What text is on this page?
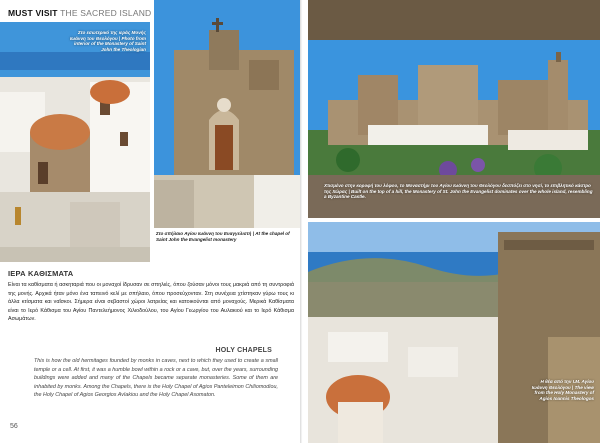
MUST VISIT THE SACRED ISLAND
Στο εσωτερικό της ιεράς Μονής Ιωάννη του Θεολόγου | Photo from interior of the Monastery of Saint John the Theologian
Στο σπήλαιο Αγίου Ιωάννη του Ευαγγελιστή | At the chapel of Saint John the Evangelist monastery
ΙΕΡΑ ΚΑΘΙΣΜΑΤΑ
Είναι τα καθίσματα ή ασκηταριά που οι μοναχοί ίδρυσαν σε σπηλιές, όπου ζούσαν μόνοι τους μακριά από τη συντροφιά της μονής. Αρχικά ήταν μόνο ένα ταπεινό κελί με σπήλαιο, όπου προσεύχονταν. Στη συνέχεια χτίστηκαν γύρω τους κι άλλα κτίσματα και ναΐσκοι. Σήμερα είναι σεβαστοί χώροι λατρείας και κατοικούνται από μοναχούς. Μερικά Καθίσματα είναι το Ιερό Κάθισμα του Αγίου Παντελεήμονος Χιλιοδούλου, του Αγίου Γεωργίου του Αυλακιού και το Ιερό Κάθισμα Ασωμάτων.
HOLY CHAPELS
This is how the old hermitages founded by monks in caves, next to which they used to create a small temple or a cell. At first, it was a humble bowl within a rock or a cave, but, over the years, surrounding buildings were added and many of the Chapels became separate monasteries. Some of them are inhabited by monks. Among the Chapels, there is the Holy Chapel of Agios Panteleimon Chiliomodiou, the Holy Chapel of Agios Georgios Avlakiou and the Holy Chapel Asomaton.
56
Χτισμένο στην κορυφή του λόφου, το Μοναστήρι του Αγίου Ιωάννη του Θεολόγου δεσπόζει στο νησί, το επιβλητικό κάστρο της Χώρας | Built on the top of a hill, the Monastery of St. John the Evangelist dominates over the whole island, resembling a Byzantine Castle.
Η θέα από την Ι.Μ. Αγίου Ιωάννη Θεολόγου | The view from the Holy Monastery of Agios Ioannis Theologos
